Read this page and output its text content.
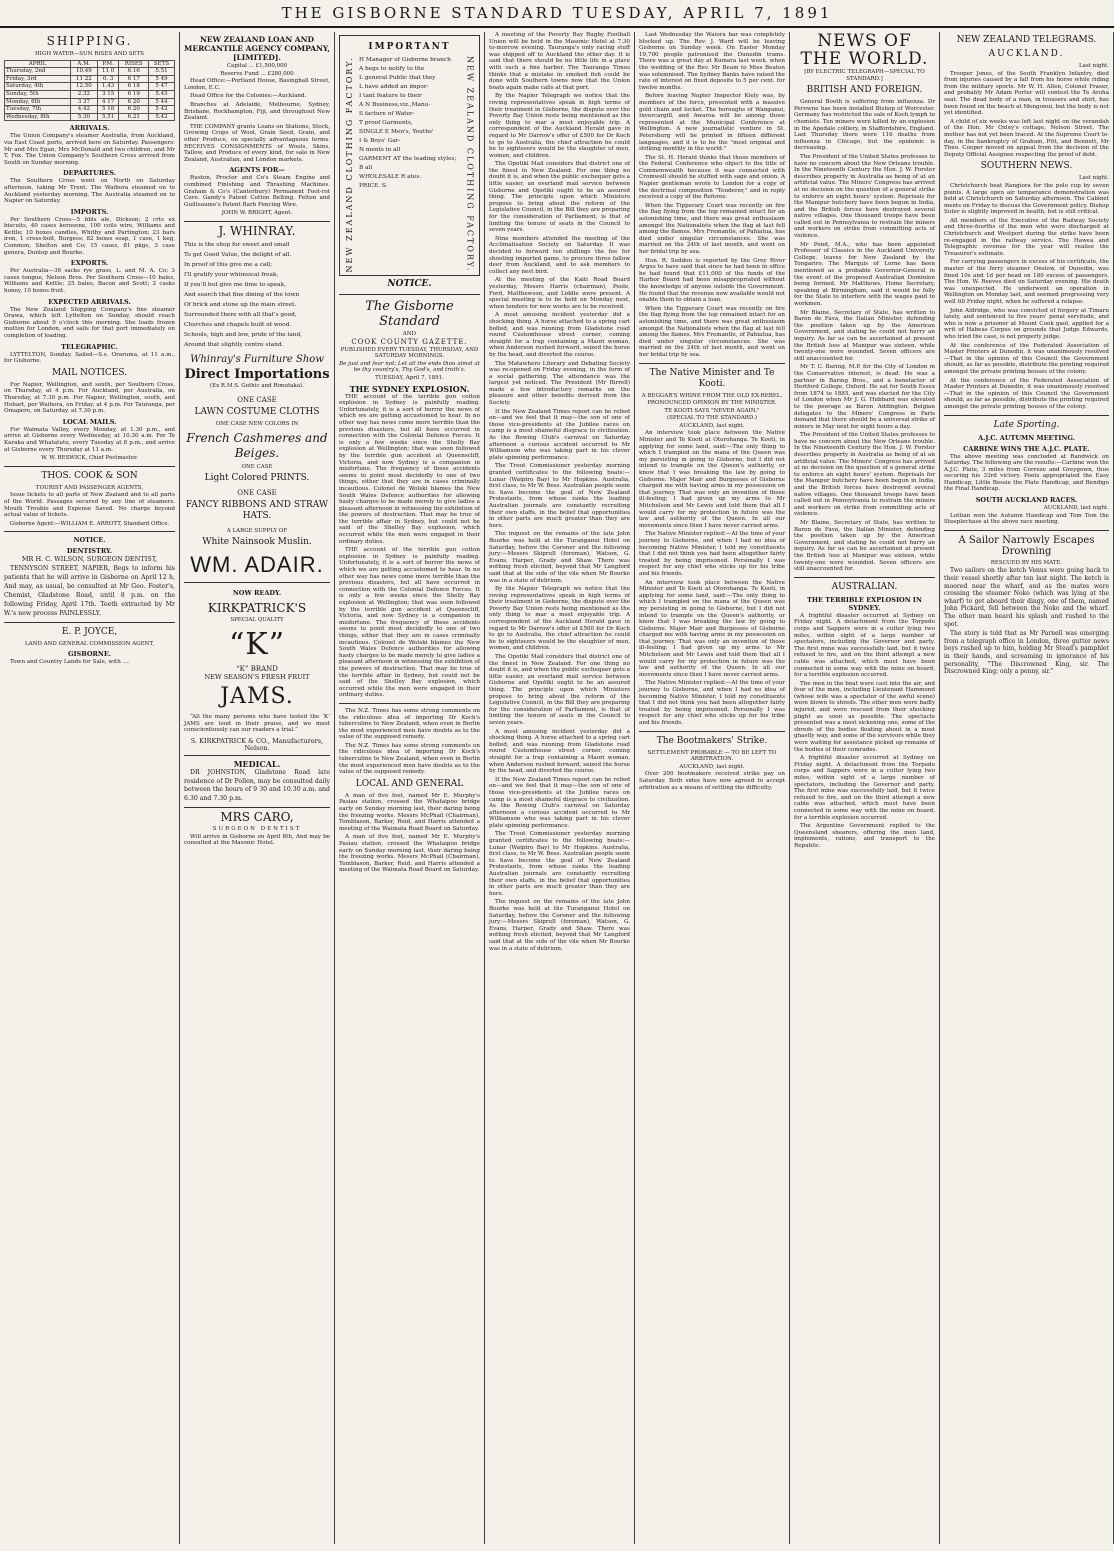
THE GISBORNE STANDARD TUESDAY, APRIL 7, 1891
SHIPPING.
HIGH WATER—SUN RISES AND SETS
APRIL	A.M.	P.M.	RISES	SETS
Thursday, 2nd	10.49	11 0	6.16	5.51
Friday, 3rd	11 22	0. 3	6 17	5 49
Saturday, 4th	12.50	1.43	6 18	5 47
Sunday, 5th	2.32	3 15	6 19	5.45
Monday, 6th	3 37	4 17	6 20	5 44
Tuesday, 7th	4.42	5 18	6 20	5 42
Wednesday, 8th	5.30	5.51	6.21	5.42
ARRIVALS.

The Union Company's steamer Australia, from Auckland, via East Coast ports, arrived here on Saturday. Passengers: Mr and Mrs Egan, Mrs McDonald and two children, and Mr T. Fox. The Union Company's Southern Cross arrived from South on Sunday morning.

DEPARTURES.

The Southern Cross went on North on Saturday afternoon, taking Mr Trent. The Waihora steamed on to Auckland yesterday morning. The Australia steamed on to Napier on Saturday.

IMPORTS.

Per Southern Cross—5 bbls ale, Dickson; 2 crts ex biscuits, 40 cases kerosene, 100 coils wire, Williams and Kettle; 10 boxes candles, Whitby and Partington; 23 bars iron, 1 cross-bolt, Burgess; 82 boxes soap, 1 case, 1 keg, Common, Shelton and Co; 15 cases, 81 pkgs, 3 case genera, Dunlop and Bourke.

EXPORTS.

Per Australia—36 sacks rye grass, L. and M. A. Co; 3 cases tongue, Nelson Bros. Per Southern Cross—10 bales, Williams and Kettle; 25 bales, Bacon and Scott; 2 casks honey, 10 boxes fruit.

EXPECTED ARRIVALS.

The New Zealand Shipping Company's fine steamer Orawa, which left Lyttelton on Sunday, should reach Gisborne about 9 o'clock this morning. She loads frozen mutton for London, and sails for that port immediately on completion of loading.

TELEGRAPHIC.

LYTTELTON, Sunday. Sailed—S.s. Oraruma, at 11 a.m., for Gisborne.

MAIL NOTICES.

For Napier, Wellington, and south, per Southern Cross, on Thursday, at 4 p.m. For Auckland, per Australia, on Thursday, at 7.30 p.m. For Napier, Wellington, south, and Hobart, per Waihora, on Friday, at 4 p.m. For Tauranga, per Omapere, on Saturday, at 7.30 p.m.

LOCAL MAILS.

For Waimata Valley, every Monday, at 1.30 p.m., and arrive at Gisborne every Wednesday, at 10.30 a.m. For Te Karaka and Whatatutu, every Tuesday at 8 p.m., and arrive at Gisborne every Thursday at 11 a.m.

W. W. BESWICK, Chief Postmaster.
THOS. COOK & SON
TOURIST AND PASSENGER AGENTS,

Issue tickets to all parts of New Zealand and to all parts of the World. Passages secured by any line of steamers. Mouth Trouble and Expense Saved. No charge beyond actual value of tickets.

Gisborne Agent:—WILLIAM E. ARROTT, Standard Office.
NOTICE.
DENTISTRY.
MR H. C. WILSON, SURGEON DENTIST,

TENNYSON STREET, NAPIER, Begs to inform his patients that he will arrive in Gisborne on April 12 h, And may, as usual, be consulted at Mr Geo. Foster's, Chemist, Gladstone Road, until 8 p.m. on the following Friday, April 17th. Teeth extracted by Mr W.'s new process PAINLESSLY.

E. P. JOYCE,
LAND AND GENERAL COMMISSION AGENT,
GISBORNE.

Town and Country Lands for Sale, with ....

NEW ZEALAND LOAN AND MERCANTILE AGENCY COMPANY, [LIMITED].
Capital ... £1,500,000
Reserve Fund ... £280,000

Head Office:—Portland House, Basinghall Street, London, E.C.

Head Office for the Colonies:—Auckland.

Branches at Adelaide, Melbourne, Sydney, Brisbane, Rockhampton, Fiji, and throughout New Zealand.

THE COMPANY grants Loans on Stations, Stock, Growing Crops of Wool, Grain Seed, Grain, and other Produce, on specially advantageous terms. RECEIVES CONSIGNMENTS of Wools, Skins, Tallow, and Produce of every kind, for sale in New Zealand, Australian, and London markets.

AGENTS FOR—

Ruston, Proctor and Co's Steam Engine and combined Finishing and Thrashing Machines. Graham & Co's (Canterbury) Permanent Foot-rot Cure. Gandy's Patent Cotton Belting. Felton and Guilleaume's Patent Barb Fencing Wire.

JOHN W. BRIGHT, Agent.
J. WHINRAY.
This is the shop for sweet and small
To get Good Value, the delight of all.
In proof of this give me a call;
I'll gratify your whimsical freak,
If you'll but give me time to speak,
And search that fine dining of the town
Of brick and stone up the main street.
Surrounded there with all that's good,
Churches and chapels built of wood.
Schools, high and low, pride of the land,
Around that slightly centre stand.
Whinray's Furniture Show
Direct Importations
(Ex R.M.S. Gothic and Rimutaka).
ONE CASE
LAWN COSTUME CLOTHS
ONE CASE NEW COLORS IN
French Cashmeres and Beiges.
ONE CASE
Light Colored PRINTS.
ONE CASE
FANCY RIBBONS AND STRAW HATS.
A LARGE SUPPLY OF
White Nainsook Muslin.
WM. ADAIR.
NOW READY.
KIRKPATRICK'S
SPECIAL QUALITY
“K”
“K” BRAND
NEW SEASON'S FRESH FRUIT
JAMS.

“All the many persons who have tested the ‘K’ JAMS are loud in their praise, and we must conscientiously can our readers a trial.”

S. KIRKPATRICK & CO., Manufacturers, Nelson.
MEDICAL.

DR JOHNSTON, Gladstone Road late residence of Dr Pollen, may be consulted daily between the hours of 9 30 and 10.30 a.m. and 6.30 and 7.30 p.m.

MRS CARO,
SURGEON DENTIST

Will arrive in Gisborne on April 8th, And may be consulted at the Masonic Hotel.

IMPORTANT
NEW ZEALAND CLOTHING FACTORY. H Manager of Gisborne branch
A begs to notify to the
L general Public that they
L have added an impor-
I tant feature to their
A N Business,viz.,Manu-
S facture of Water-
T proof Garments,
SINGLE E Men's, Youths'
I & Boys' Gar-
N ments in all
GARMENT AT the leading styles;
B all
WHOLESALE R ates.
PRICE. S.	NEW ZEALAND CLOTHING FACTORY.
NOTICE.
The Gisborne Standard
AND
COOK COUNTY GAZETTE.
PUBLISHED EVERY TUESDAY, THURSDAY, AND SATURDAY MORNINGS.
Be just and fear not; Let all the ends thou aimst at be thy country's, Thy God's, and truth's.
TUESDAY, April 7, 1891.
THE SYDNEY EXPLOSION.

THE account of the terrible gun cotton explosion in Sydney is painfully reading. Unfortunately, it is a sort of horror the news of which we are getting accustomed to hear. In no other way has news come more terrible than the previous disasters, but all have occurred in connection with the Colonial Defence Forces. It is only a few weeks since the Shelly Bay explosion at Wellington; that was soon followed by the terrible gun accident at Queenscliff, Victoria, and now Sydney is a companion in misfortune. The frequency of these accidents seems to point most decidedly to one of two things, either that they are in cases criminally incautious. Colonel de Wolski blames the New South Wales Defence authorities for allowing hasty charges to be made merely to give ladies a pleasant afternoon in witnessing the exhibition of the powers of destruction. That may be true of the terrible affair in Sydney, but could not be said of the Shelley Bay explosion, which occurred while the men were engaged in their ordinary duties.

THE account of the terrible gun cotton explosion in Sydney is painfully reading. Unfortunately, it is a sort of horror the news of which we are getting accustomed to hear. In no other way has news come more terrible than the previous disasters, but all have occurred in connection with the Colonial Defence Forces. It is only a few weeks since the Shelly Bay explosion at Wellington; that was soon followed by the terrible gun accident at Queenscliff, Victoria, and now Sydney is a companion in misfortune. The frequency of these accidents seems to point most decidedly to one of two things, either that they are in cases criminally incautious. Colonel de Wolski blames the New South Wales Defence authorities for allowing hasty charges to be made merely to give ladies a pleasant afternoon in witnessing the exhibition of the powers of destruction. That may be true of the terrible affair in Sydney, but could not be said of the Shelley Bay explosion, which occurred while the men were engaged in their ordinary duties.

The N.Z. Times has some strong comments on the ridiculous idea of importing Dr Koch's tuberculine to New Zealand, when even in Berlin the most experienced men have doubts as to the value of the supposed remedy.

The N.Z. Times has some strong comments on the ridiculous idea of importing Dr Koch's tuberculine to New Zealand, when even in Berlin the most experienced men have doubts as to the value of the supposed remedy.

LOCAL AND GENERAL

A man of five feet, named Mr E. Murphy's Pasiau station, crossed the Whataipoo bridge early on Sunday morning last, their daring being the freezing works. Messrs McPhail (Chairman), Tomblason, Barker, Reid, and Harris attended a meeting of the Waimata Road Board on Saturday.

A man of five feet, named Mr E. Murphy's Pasiau station, crossed the Whataipoo bridge early on Sunday morning last, their daring being the freezing works. Messrs McPhail (Chairman), Tomblason, Barker, Reid, and Harris attended a meeting of the Waimata Road Board on Saturday.

A meeting of the Poverty Bay Rugby Football Union will be held in the Masonic Hotel at 7.30 to-morrow evening. Tauranga's only racing stuff was shipped off to Auckland the other day. It is said that there should be no little life in a place with such a fine harbor. The Tauranga Times thinks that a mistake in smoked fish could be done with Southern towns now that the Union boats again make calls at that port.

By the Napier Telegraph we notice that the roving representatives speak in high terms of their treatment in Gisborne, the dispute over the Poverty Bay Union rests being mentioned as the only thing to mar a most enjoyable trip. A correspondent of the Auckland Herald gave in regard to Mr Darrow's offer of £500 for Dr Koch to go to Australia, the chief attraction he could be to sightseers would be the slaughter of men, women, and children.

The Opotiki Mail considers that district one of the finest in New Zealand. For one thing no doubt it is, and when the public exchequer gets a little easier, an overland mail service between Gisborne and Opotiki ought to be an assured thing. The principle upon which Ministers propose to bring about the reform of the Legislative Council, in the Bill they are preparing for the consideration of Parliament, is that of limiting the tenure of seats in the Council to seven years.

Nine members attended the meeting of the Acclimatisation Society on Saturday. It was decided to forward ten shillings the fee for shooting imported game, to procure three fallow deer from Auckland, and to ask members to collect any nest bird.

At the meeting of the Kaiti Road Board yesterday, Messrs Harris (chairman), Poole, Ford, Matthewson, and Liddle were present. A special meeting is to be held on Monday next, when tenders for new works are to be received.

A most amusing incident yesterday did a shocking thing. A horse attached to a spring cart bolted, and was running from Gladstone road round Customhouse street corner, coming straight for a trap containing a Maori woman, when Anderson rushed forward, seized the horse by the head, and diverted the course.

The Matawhero Literary and Debating Society was re-opened on Friday evening, in the form of a social gathering. The attendance was the largest yet noticed. The President (Mr Birrell) made a few introductory remarks on the pleasure and other benefits derived from the Society.

If the New Zealand Times report can be relied on—and we feel that it may—the son of one of those vice-presidents at the Jubilee races on camp is a most shameful disgrace to civilization. As the Rowing Club's carnival on Saturday afternoon a curious accident occurred to Mr Williamson who was taking part in his clever plate spinning performance.

The Trout Commissioner yesterday morning granted certificates to the following boats:—Lunar (Waipiro Bay) to Mr Hopkins. Australia, first class, to Mr W. Bess. Australian people seem to have become the goal of New Zealand Protestants, from whose ranks the leading Australian journals are constantly recruiting their own staffs, in the belief that opportunities in other parts are much greater than they are here.

The inquest on the remains of the late John Bourke was held at the Turanganui Hotel on Saturday, before the Coroner and the following jury:—Messrs Skiprull (foreman), Watson, G. Evans, Harper, Grady and Shaw. There was nothing fresh elicited, beyond that Mr Langford said that at the side of the vile when Mr Bourke was in a state of delirium.

By the Napier Telegraph we notice that the roving representatives speak in high terms of their treatment in Gisborne, the dispute over the Poverty Bay Union rests being mentioned as the only thing to mar a most enjoyable trip. A correspondent of the Auckland Herald gave in regard to Mr Darrow's offer of £500 for Dr Koch to go to Australia, the chief attraction he could be to sightseers would be the slaughter of men, women, and children.

The Opotiki Mail considers that district one of the finest in New Zealand. For one thing no doubt it is, and when the public exchequer gets a little easier, an overland mail service between Gisborne and Opotiki ought to be an assured thing. The principle upon which Ministers propose to bring about the reform of the Legislative Council, in the Bill they are preparing for the consideration of Parliament, is that of limiting the tenure of seats in the Council to seven years.

A most amusing incident yesterday did a shocking thing. A horse attached to a spring cart bolted, and was running from Gladstone road round Customhouse street corner, coming straight for a trap containing a Maori woman, when Anderson rushed forward, seized the horse by the head, and diverted the course.

If the New Zealand Times report can be relied on—and we feel that it may—the son of one of those vice-presidents at the Jubilee races on camp is a most shameful disgrace to civilization. As the Rowing Club's carnival on Saturday afternoon a curious accident occurred to Mr Williamson who was taking part in his clever plate spinning performance.

The Trout Commissioner yesterday morning granted certificates to the following boats:—Lunar (Waipiro Bay) to Mr Hopkins. Australia, first class, to Mr W. Bess. Australian people seem to have become the goal of New Zealand Protestants, from whose ranks the leading Australian journals are constantly recruiting their own staffs, in the belief that opportunities in other parts are much greater than they are here.

The inquest on the remains of the late John Bourke was held at the Turanganui Hotel on Saturday, before the Coroner and the following jury:—Messrs Skiprull (foreman), Watson, G. Evans, Harper, Grady and Shaw. There was nothing fresh elicited, beyond that Mr Langford said that at the side of the vile when Mr Bourke was in a state of delirium.

Last Wednesday the Waiora bar was completely blocked up. The Rev. J. Ward will be leaving Gisborne on Sunday week. On Easter Monday 19,700 people patronised the Dunedin trams. There was a great day at Kumara last week, when the wedding of the Rev. Mr Beam to Miss Beaton was solemnised. The Sydney Banks have raised the rate of interest on fixed deposits to 5 per cent. for twelve months.

Before leaving Napier Inspector Kiely was, by members of the force, presented with a massive gold chain and locket. The boroughs of Wanganui, Invercargill, and Awaroa will be among those represented at the Municipal Conference at Wellington. A new journalistic venture in St. Petersburg will be printed in fifteen different languages, and it is to be the "most original and striking monthly in the world."

The St. H. Herald thinks that those members of the Federal Conference who object to the title of Commonwealth because it was connected with Cromwell should be stuffed with sage and onion. A Napier gentleman wrote to London for a copy of the doctrinal composition "Tenderer," and in reply received a copy of the Referee.

When the Tipperary Court was recently on fire the flag flying from the top remained intact for an astonishing time, and there was great enthusiasm amongst the Nationalists when the flag at last fell among the flames. Mrs Fremantle, of Pahiatua, has died under singular circumstances. She was married on the 24th of last month, and went on her bridal trip by sea.

Hon. R. Seddon is reported by the Grey River Argus to have said that since he had been in office he had found that £11,000 of the funds of the Harbor Board had been misappropriated without the knowledge of anyone outside the Government. He found that the revenue now available would not enable them to obtain a loan.

When the Tipperary Court was recently on fire the flag flying from the top remained intact for an astonishing time, and there was great enthusiasm amongst the Nationalists when the flag at last fell among the flames. Mrs Fremantle, of Pahiatua, has died under singular circumstances. She was married on the 24th of last month, and went on her bridal trip by sea.

The Native Minister and Te Kooti.
A BEGGAR'S WHINE FROM THE OLD EX-REBEL.
PRONOUNCED OPINION BY THE MINISTER.
TE KOOTI SAYS "NEVER AGAIN."
(SPECIAL TO THE STANDARD.)
AUCKLAND, last night.

An interview took place between the Native Minister and Te Kooti at Otorohanga. Te Kooti, in applying for some land, said:—The only thing to which I trampled on the mana of the Queen was my persisting in going to Gisborne, but I did not intend to trample on the Queen's authority, or know that I was breaking the law by going to Gisborne. Major Mair and Burgesses of Gisborne charged me with having arms in my possession on that journey. That was only an invention of those ill-feeling; I had given up my arms to Mr Mitchelson and Mr Lewis and told them that all I would carry for my protection in future was the law and authority of the Queen. In all our movements since then I have never carried arms.

The Native Minister replied:—At the time of your journey to Gisborne, and when I had no idea of becoming Native Minister, I told my constituents that I did not think you had been altogether fairly treated by being imprisoned. Personally I was respect for any chief who sticks up for his tribe and his friends.

An interview took place between the Native Minister and Te Kooti at Otorohanga. Te Kooti, in applying for some land, said:—The only thing to which I trampled on the mana of the Queen was my persisting in going to Gisborne, but I did not intend to trample on the Queen's authority, or know that I was breaking the law by going to Gisborne. Major Mair and Burgesses of Gisborne charged me with having arms in my possession on that journey. That was only an invention of those ill-feeling; I had given up my arms to Mr Mitchelson and Mr Lewis and told them that all I would carry for my protection in future was the law and authority of the Queen. In all our movements since then I have never carried arms.

The Native Minister replied:—At the time of your journey to Gisborne, and when I had no idea of becoming Native Minister, I told my constituents that I did not think you had been altogether fairly treated by being imprisoned. Personally I was respect for any chief who sticks up for his tribe and his friends.

The Bootmakers' Strike.
SETTLEMENT PROBABLE — TO BE LEFT TO ARBITRATION.
AUCKLAND, last night.

Over 200 bootmakers received strike pay on Saturday. Both sides have now agreed to accept arbitration as a means of settling the difficulty.

NEWS OF THE WORLD.
[BY ELECTRIC TELEGRAPH—SPECIAL TO STANDARD.]
BRITISH AND FOREIGN.

General Booth is suffering from influenza. Dr Perowne has been installed Bishop of Worcester. Germany has restricted the sale of Koch lymph to chemists. Ten miners were killed by an explosion in the Apedale colliery, in Staffordshire, England. Last Thursday there were 116 deaths from influenza in Chicago, but the epidemic is decreasing.

The President of the United States professes to have no concern about the New Orleans trouble. In the Nineteenth Century the Hon. J. W. Forster describes property in Australia as being of at an artificial value. The Miners' Congress has arrived at no decision on the question of a general strike to enforce an eight hours' system. Reprisals for the Manipur butchery have been begun in India, and the British forces have destroyed several native villages. One thousand troops have been called out in Pennsylvania to restrain the miners and workers on strike from committing acts of violence.

Mr Pond, M.A., who has been appointed Professor of Classics in the Auckland University College, leaves for New Zealand by the Tongariro. The Marquis of Lorne has been mentioned as a probable Governor-General in the event of the proposed Australian Dominion being formed. Mr Matthews, Home Secretary, speaking at Birmingham, said it would be folly for the State to interfere with the wages paid to workmen.

Mr Blaine, Secretary of State, has written to Baron de Fava, the Italian Minister, defending the position taken up by the American Government, and stating he could not hurry an inquiry. As far as can be ascertained at present the British loss at Manipur was sixteen, while twenty-one were wounded. Seven officers are still unaccounted for.

Mr T. C. Baring, M.P. for the City of London in the Conservative interest, is dead. He was a partner in Baring Bros., and a benefactor of Hertford College, Oxford. He sat for South Essex from 1874 to 1885, and was elected for the City of London when Mr J. G. Hubbard was elevated to the peerage as Baron Addington. Belgian delegates to the Miners' Congress in Paris demand that there should be a universal strike of miners in May next for eight hours a day.

The President of the United States professes to have no concern about the New Orleans trouble. In the Nineteenth Century the Hon. J. W. Forster describes property in Australia as being of at an artificial value. The Miners' Congress has arrived at no decision on the question of a general strike to enforce an eight hours' system. Reprisals for the Manipur butchery have been begun in India, and the British forces have destroyed several native villages. One thousand troops have been called out in Pennsylvania to restrain the miners and workers on strike from committing acts of violence.

Mr Blaine, Secretary of State, has written to Baron de Fava, the Italian Minister, defending the position taken up by the American Government, and stating he could not hurry an inquiry. As far as can be ascertained at present the British loss at Manipur was sixteen, while twenty-one were wounded. Seven officers are still unaccounted for.

AUSTRALIAN.
THE TERRIBLE EXPLOSION IN SYDNEY.

A frightful disaster occurred at Sydney on Friday night. A detachment from the Torpedo corps and Sappers were in a cutter lying two miles, within sight of a large number of spectators, including the Governor and party. The first mine was successfully laid, but it twice refused to fire, and on the third attempt a new cable was attached, which must have been connected in some way with the mine on board, for a terrible explosion occurred.

The men in the boat were cast into the air, and four of the men, including Lieutenant Hammond (whose wife was a spectator of the awful scene) were blown to shreds. The other men were badly injured, and were rescued from their shocking plight as soon as possible. The spectacle presented was a most sickening one, some of the shreds of the bodies floating about in a most ghastly way, and some of the survivors while they were waiting for assistance picked up remains of the bodies of their comrades.

A frightful disaster occurred at Sydney on Friday night. A detachment from the Torpedo corps and Sappers were in a cutter lying two miles, within sight of a large number of spectators, including the Governor and party. The first mine was successfully laid, but it twice refused to fire, and on the third attempt a new cable was attached, which must have been connected in some way with the mine on board, for a terrible explosion occurred.

The Argentine Government replied to the Queensland shearers, offering the men land, implements, rations, and transport to the Republic.

NEW ZEALAND TELEGRAMS.
AUCKLAND.
Last night.

Trooper Jones, of the South Franklyn Infantry, died from injuries caused by a fall from his horse while riding from the military sports. Mr W. H. Allen, Colonel Fraser, and probably Mr Adam Porter will contest the Te Aroha seat. The dead body of a man, in trousers and shirt, has been found on the beach at Mongonui, but the body is not yet identified.

A child of six weeks was left last night on the verandah of the Hon. Mr Oxley's cottage, Nelson Street. The mother has not yet been traced. At the Supreme Court to-day, in the bankruptcy of Graham, Pitt, and Bennett, Mr Theo. Cooper moved on appeal from the decision of the Deputy Official Assignee respecting the proof of debt.

SOUTHERN NEWS.
Last night.

Christchurch beat Rangiora for the polo cup by seven points. A large open air temperance demonstration was held at Christchurch on Saturday afternoon. The Cabinet meets on Friday to discuss the Government policy. Bishop Suter is slightly improved in health, but is still critical.

All members of the Executive of the Railway Society and three-fourths of the men who were discharged at Christchurch and Westport during the strike have been re-engaged in the railway service. The Hawea and Telegraphic revenue for the year will realise the Treasurer's estimate.

For carrying passengers in excess of his certificate, the master of the ferry steamer Onslow, of Dunedin, was fined 10s and 1d per head on 180 excess of passengers. The Hon. W. Reeves died on Saturday evening. His death was unexpected. He underwent an operation in Wellington on Monday last, and seemed progressing very well till Friday night, when he suffered a relapse.

John Aldridge, who was convicted of forgery at Timaru lately, and sentenced to five years' penal servitude, and who is now a prisoner at Mount Cook gaol, applied for a writ of Habeas Corpus on grounds that Judge Edwards, who tried the case, is not properly judge.

At the conference of the Federated Association of Master Printers at Dunedin, it was unanimously resolved—That in the opinion of this Council the Government should, as far as possible, distribute the printing required amongst the private printing houses of the colony.

At the conference of the Federated Association of Master Printers at Dunedin, it was unanimously resolved—That in the opinion of this Council the Government should, as far as possible, distribute the printing required amongst the private printing houses of the colony.

Late Sporting.
A.J.C. AUTUMN MEETING.
CARBINE WINS THE A.J.C. PLATE.

The above meeting was concluded at Randwick on Saturday. The following are the results:—Carbine won the A.J.C. Plate, 3 miles from Correze and Greygown, thus securing his 33rd victory. Poets appropriated the Easy Handicap, Little Bessie the Plate Handicap, and Bendigo the Final Handicap.

SOUTH AUCKLAND RACES.
AUCKLAND, last night.

Lottian won the Autumn Handicap and Tom Tom the Steeplechase at the above race meeting.

A Sailor Narrowly Escapes Drowning
RESCUED BY HIS MATE.

Two sailors on the ketch Venus were going back to their vessel shortly after ten last night. The ketch is moored near the wharf, and as the mates were crossing the steamer Noko (which was lying at the wharf) to get aboard their dingy, one of them, named John Pickard, fell between the Noko and the wharf. The other man heard his splash and rushed to the spot.

The story is told that as Mr Parnell was emerging from a telegraph office in London, three gutter news boys rushed up to him, holding Mr Stead's pamphlet in their hands, and screaming in ignorance of his personality, "The Discrowned King, sir. The Discrowned King; only a penny, sir."
